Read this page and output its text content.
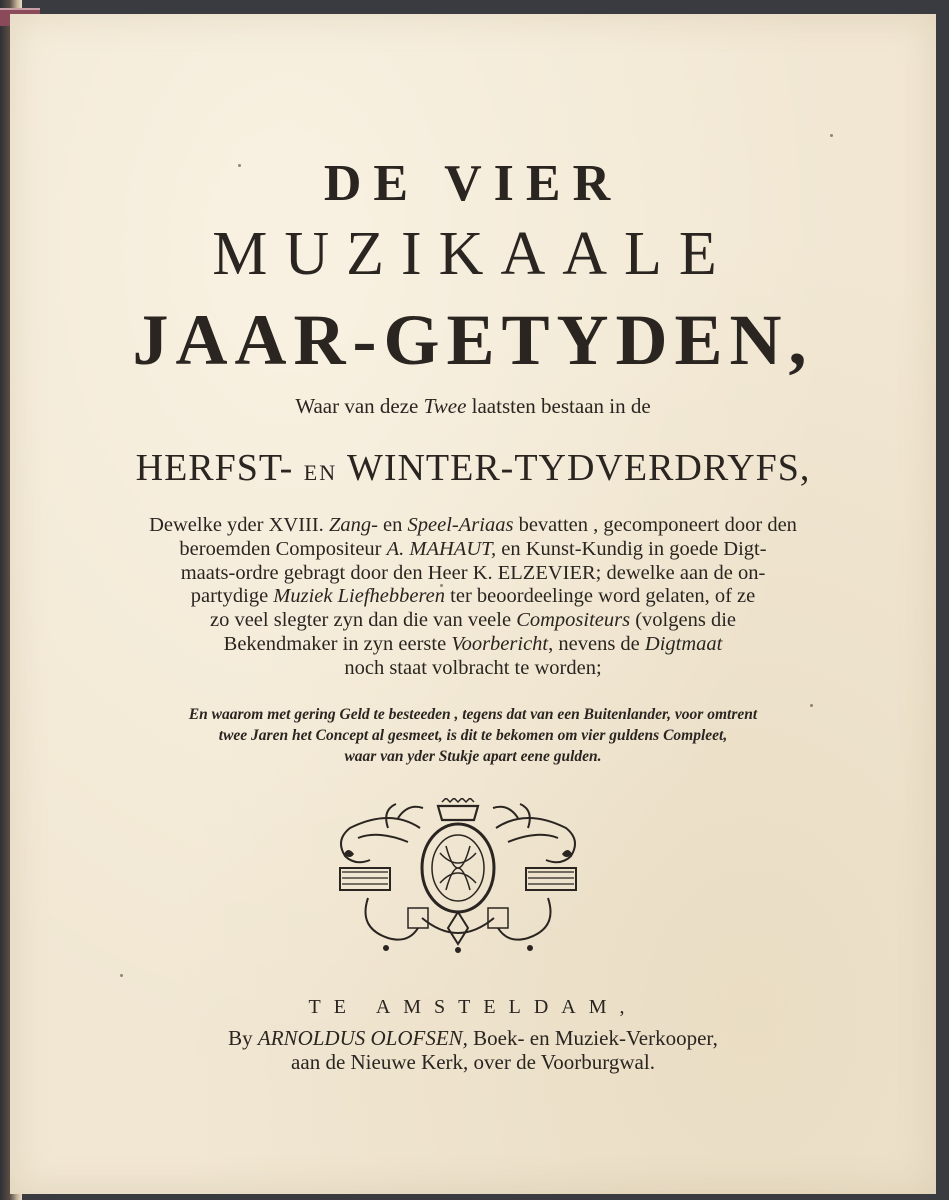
DE VIER
MUZIKAALE
JAAR-GETYDEN,
Waar van deze Twee laatsten bestaan in de
HERFST- EN WINTER-TYDVERDRYFS,
Dewelke yder XVIII. Zang- en Speel-Ariaas bevatten , gecomponeert door den
beroemden Compositeur A. MAHAUT, en Kunst-Kundig in goede Digt-
maats-ordre gebragt door den Heer K. ELZEVIER; dewelke aan de on-
partydige Muziek Liefhebberen ter beoordeelinge word gelaten, of ze
zo veel slegter zyn dan die van veele Compositeurs (volgens die
Bekendmaker in zyn eerste Voorbericht, nevens de Digtmaat
noch staat volbracht te worden;
En waarom met gering Geld te besteeden , tegens dat van een Buitenlander, voor omtrent
twee Jaren het Concept al gesmeet, is dit te bekomen om vier guldens Compleet,
waar van yder Stukje apart eene gulden.
TE AMSTELDAM,
By ARNOLDUS OLOFSEN, Boek- en Muziek-Verkooper,
aan de Nieuwe Kerk, over de Voorburgwal.
